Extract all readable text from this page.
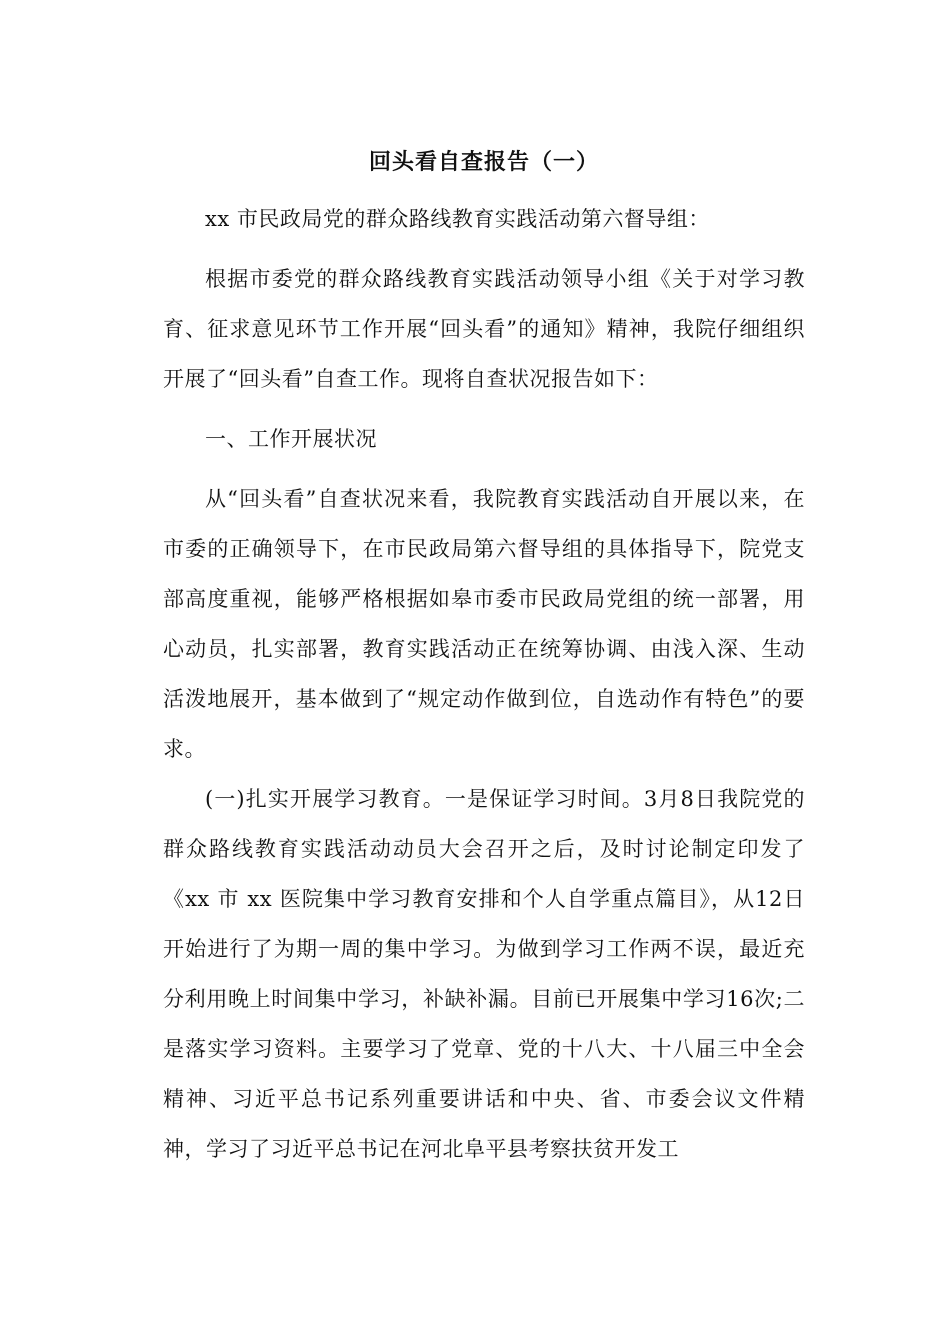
回头看自查报告（一）

xx 市民政局党的群众路线教育实践活动第六督导组：

根据市委党的群众路线教育实践活动领导小组《关于对学习教育、征求意见环节工作开展“回头看”的通知》精神，我院仔细组织开展了“回头看”自查工作。现将自查状况报告如下：

一、工作开展状况

从“回头看”自查状况来看，我院教育实践活动自开展以来，在市委的正确领导下，在市民政局第六督导组的具体指导下，院党支部高度重视，能够严格根据如皋市委市民政局党组的统一部署，用心动员，扎实部署，教育实践活动正在统筹协调、由浅入深、生动活泼地展开，基本做到了“规定动作做到位，自选动作有特色”的要求。

(一)扎实开展学习教育。一是保证学习时间。3月8日我院党的群众路线教育实践活动动员大会召开之后，及时讨论制定印发了《xx 市 xx 医院集中学习教育安排和个人自学重点篇目》，从12日开始进行了为期一周的集中学习。为做到学习工作两不误，最近充分利用晚上时间集中学习，补缺补漏。目前已开展集中学习16次;二是落实学习资料。主要学习了党章、党的十八大、十八届三中全会精神、习近平总书记系列重要讲话和中央、省、市委会议文件精神，学习了习近平总书记在河北阜平县考察扶贫开发工
